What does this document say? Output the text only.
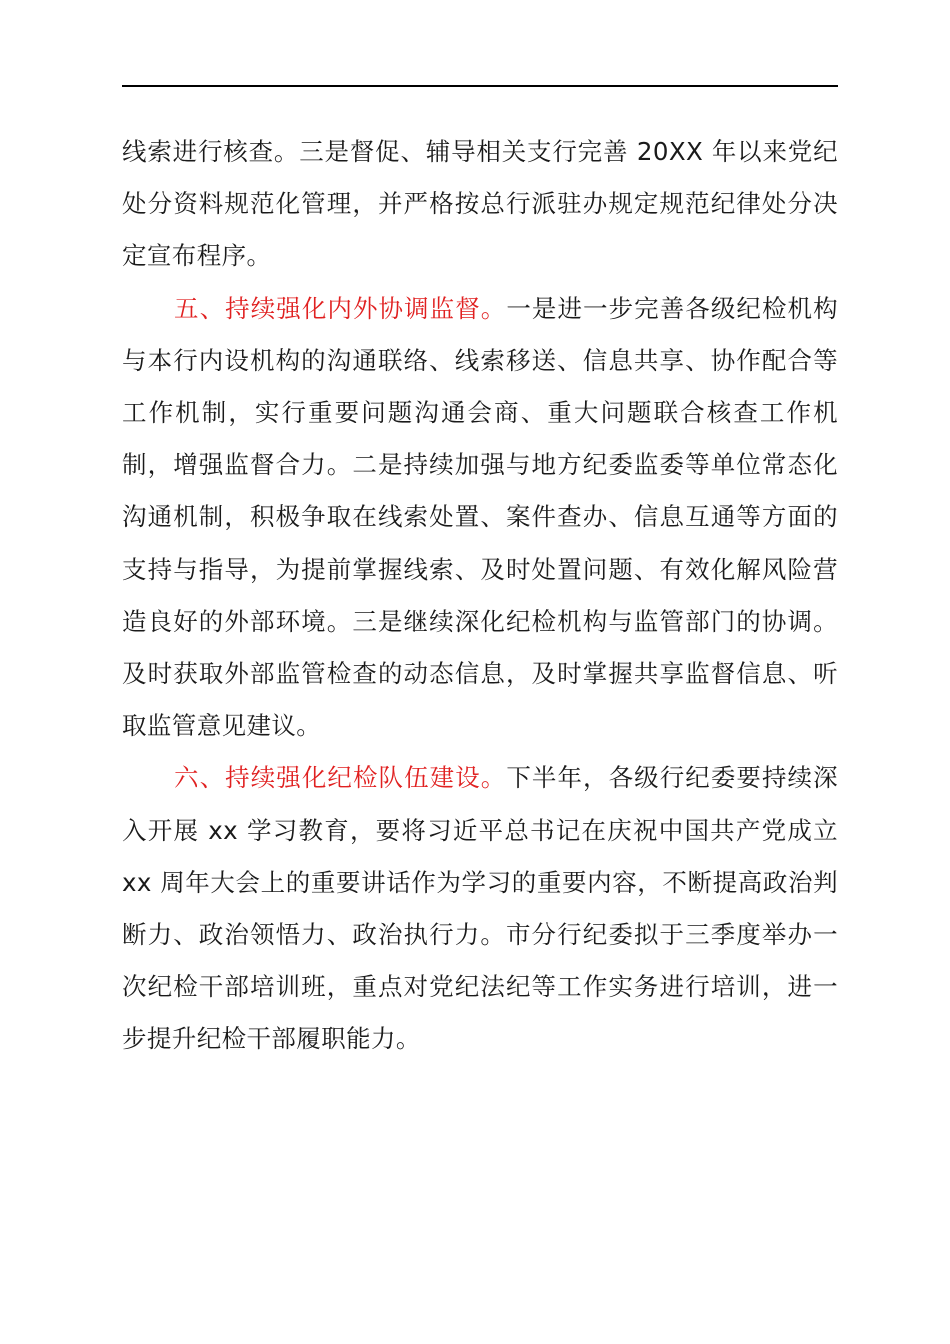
线索进行核查。三是督促、辅导相关支行完善 20XX 年以来党纪处分资料规范化管理，并严格按总行派驻办规定规范纪律处分决定宣布程序。

五、持续强化内外协调监督。一是进一步完善各级纪检机构与本行内设机构的沟通联络、线索移送、信息共享、协作配合等工作机制，实行重要问题沟通会商、重大问题联合核查工作机制，增强监督合力。二是持续加强与地方纪委监委等单位常态化沟通机制，积极争取在线索处置、案件查办、信息互通等方面的支持与指导，为提前掌握线索、及时处置问题、有效化解风险营造良好的外部环境。三是继续深化纪检机构与监管部门的协调。及时获取外部监管检查的动态信息，及时掌握共享监督信息、听取监管意见建议。

六、持续强化纪检队伍建设。下半年，各级行纪委要持续深入开展 xx 学习教育，要将习近平总书记在庆祝中国共产党成立 xx 周年大会上的重要讲话作为学习的重要内容，不断提高政治判断力、政治领悟力、政治执行力。市分行纪委拟于三季度举办一次纪检干部培训班，重点对党纪法纪等工作实务进行培训，进一步提升纪检干部履职能力。
